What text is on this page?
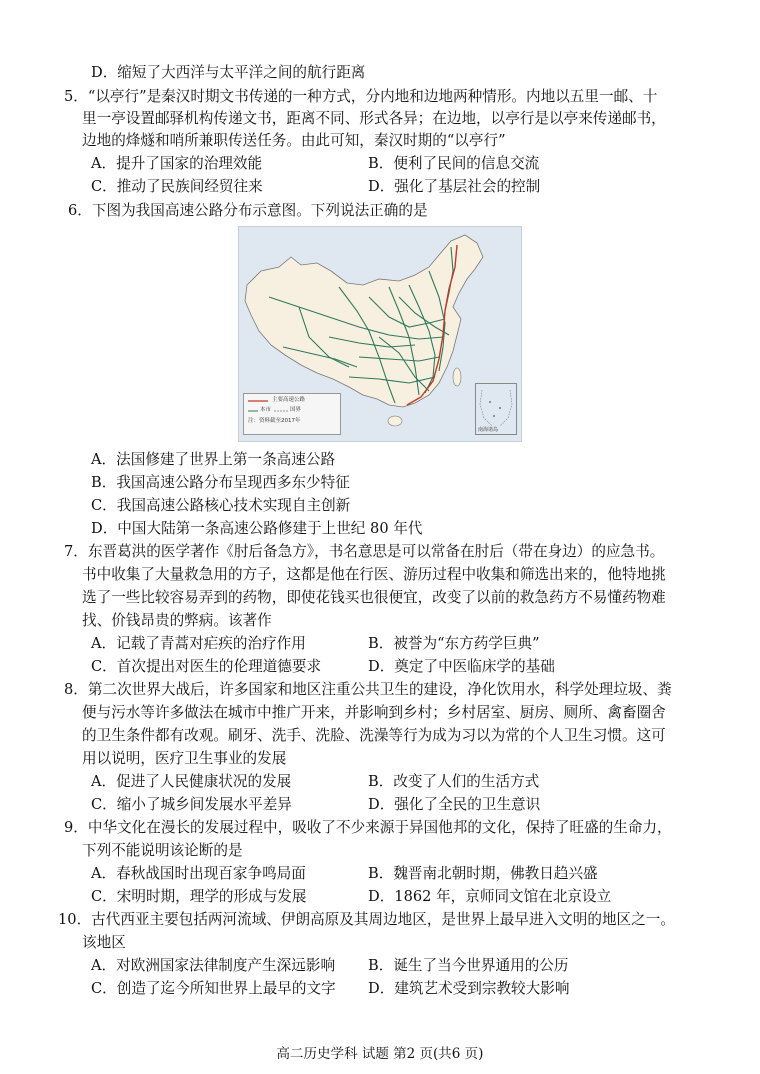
D．缩短了大西洋与太平洋之间的航行距离
5．“以亭行”是秦汉时期文书传递的一种方式，分内地和边地两种情形。内地以五里一邮、十
里一亭设置邮驿机构传递文书，距离不同、形式各异；在边地，以亭行是以亭来传递邮书，
边地的烽燧和哨所兼职传送任务。由此可知，秦汉时期的“以亭行”
A．提升了国家的治理效能	B．便利了民间的信息交流
C．推动了民族间经贸往来	D．强化了基层社会的控制
6．下图为我国高速公路分布示意图。下列说法正确的是
主要高速公路
本市	国界
注：资料截至2017年
南海诸岛
A．法国修建了世界上第一条高速公路
B．我国高速公路分布呈现西多东少特征
C．我国高速公路核心技术实现自主创新
D．中国大陆第一条高速公路修建于上世纪 80 年代
7．东晋葛洪的医学著作《肘后备急方》，书名意思是可以常备在肘后（带在身边）的应急书。
书中收集了大量救急用的方子，这都是他在行医、游历过程中收集和筛选出来的，他特地挑
选了一些比较容易弄到的药物，即使花钱买也很便宜，改变了以前的救急药方不易懂药物难
找、价钱昂贵的弊病。该著作
A．记载了青蒿对疟疾的治疗作用	B．被誉为“东方药学巨典”
C．首次提出对医生的伦理道德要求	D．奠定了中医临床学的基础
8．第二次世界大战后，许多国家和地区注重公共卫生的建设，净化饮用水，科学处理垃圾、粪
便与污水等许多做法在城市中推广开来，并影响到乡村；乡村居室、厨房、厕所、禽畜圈舍
的卫生条件都有改观。刷牙、洗手、洗脸、洗澡等行为成为习以为常的个人卫生习惯。这可
用以说明，医疗卫生事业的发展
A．促进了人民健康状况的发展	B．改变了人们的生活方式
C．缩小了城乡间发展水平差异	D．强化了全民的卫生意识
9．中华文化在漫长的发展过程中，吸收了不少来源于异国他邦的文化，保持了旺盛的生命力，
下列不能说明该论断的是
A．春秋战国时出现百家争鸣局面	B．魏晋南北朝时期，佛教日趋兴盛
C．宋明时期，理学的形成与发展	D．1862 年，京师同文馆在北京设立
10．古代西亚主要包括两河流域、伊朗高原及其周边地区，是世界上最早进入文明的地区之一。
该地区
A．对欧洲国家法律制度产生深远影响 B．诞生了当今世界通用的公历
C．创造了迄今所知世界上最早的文字 D．建筑艺术受到宗教较大影响
高二历史学科 试题 第2 页(共6 页)
